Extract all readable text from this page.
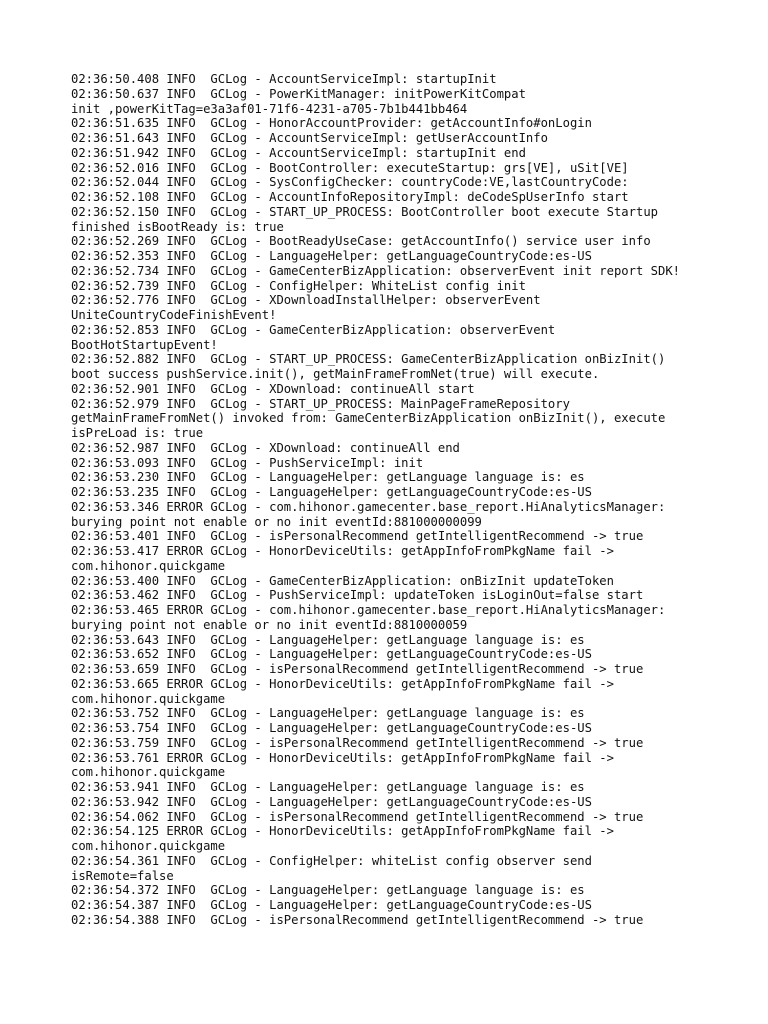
02:36:50.408 INFO  GCLog - AccountServiceImpl: startupInit
02:36:50.637 INFO  GCLog - PowerKitManager: initPowerKitCompat
init ,powerKitTag=e3a3af01-71f6-4231-a705-7b1b441bb464
02:36:51.635 INFO  GCLog - HonorAccountProvider: getAccountInfo#onLogin
02:36:51.643 INFO  GCLog - AccountServiceImpl: getUserAccountInfo
02:36:51.942 INFO  GCLog - AccountServiceImpl: startupInit end
02:36:52.016 INFO  GCLog - BootController: executeStartup: grs[VE], uSit[VE]
02:36:52.044 INFO  GCLog - SysConfigChecker: countryCode:VE,lastCountryCode:
02:36:52.108 INFO  GCLog - AccountInfoRepositoryImpl: deCodeSpUserInfo start
02:36:52.150 INFO  GCLog - START_UP_PROCESS: BootController boot execute Startup
finished isBootReady is: true
02:36:52.269 INFO  GCLog - BootReadyUseCase: getAccountInfo() service user info
02:36:52.353 INFO  GCLog - LanguageHelper: getLanguageCountryCode:es-US
02:36:52.734 INFO  GCLog - GameCenterBizApplication: observerEvent init report SDK!
02:36:52.739 INFO  GCLog - ConfigHelper: WhiteList config init
02:36:52.776 INFO  GCLog - XDownloadInstallHelper: observerEvent
UniteCountryCodeFinishEvent!
02:36:52.853 INFO  GCLog - GameCenterBizApplication: observerEvent
BootHotStartupEvent!
02:36:52.882 INFO  GCLog - START_UP_PROCESS: GameCenterBizApplication onBizInit()
boot success pushService.init(), getMainFrameFromNet(true) will execute.
02:36:52.901 INFO  GCLog - XDownload: continueAll start
02:36:52.979 INFO  GCLog - START_UP_PROCESS: MainPageFrameRepository
getMainFrameFromNet() invoked from: GameCenterBizApplication onBizInit(), execute
isPreLoad is: true
02:36:52.987 INFO  GCLog - XDownload: continueAll end
02:36:53.093 INFO  GCLog - PushServiceImpl: init
02:36:53.230 INFO  GCLog - LanguageHelper: getLanguage language is: es
02:36:53.235 INFO  GCLog - LanguageHelper: getLanguageCountryCode:es-US
02:36:53.346 ERROR GCLog - com.hihonor.gamecenter.base_report.HiAnalyticsManager:
burying point not enable or no init eventId:881000000099
02:36:53.401 INFO  GCLog - isPersonalRecommend getIntelligentRecommend -> true
02:36:53.417 ERROR GCLog - HonorDeviceUtils: getAppInfoFromPkgName fail ->
com.hihonor.quickgame
02:36:53.400 INFO  GCLog - GameCenterBizApplication: onBizInit updateToken
02:36:53.462 INFO  GCLog - PushServiceImpl: updateToken isLoginOut=false start
02:36:53.465 ERROR GCLog - com.hihonor.gamecenter.base_report.HiAnalyticsManager:
burying point not enable or no init eventId:8810000059
02:36:53.643 INFO  GCLog - LanguageHelper: getLanguage language is: es
02:36:53.652 INFO  GCLog - LanguageHelper: getLanguageCountryCode:es-US
02:36:53.659 INFO  GCLog - isPersonalRecommend getIntelligentRecommend -> true
02:36:53.665 ERROR GCLog - HonorDeviceUtils: getAppInfoFromPkgName fail ->
com.hihonor.quickgame
02:36:53.752 INFO  GCLog - LanguageHelper: getLanguage language is: es
02:36:53.754 INFO  GCLog - LanguageHelper: getLanguageCountryCode:es-US
02:36:53.759 INFO  GCLog - isPersonalRecommend getIntelligentRecommend -> true
02:36:53.761 ERROR GCLog - HonorDeviceUtils: getAppInfoFromPkgName fail ->
com.hihonor.quickgame
02:36:53.941 INFO  GCLog - LanguageHelper: getLanguage language is: es
02:36:53.942 INFO  GCLog - LanguageHelper: getLanguageCountryCode:es-US
02:36:54.062 INFO  GCLog - isPersonalRecommend getIntelligentRecommend -> true
02:36:54.125 ERROR GCLog - HonorDeviceUtils: getAppInfoFromPkgName fail ->
com.hihonor.quickgame
02:36:54.361 INFO  GCLog - ConfigHelper: whiteList config observer send
isRemote=false
02:36:54.372 INFO  GCLog - LanguageHelper: getLanguage language is: es
02:36:54.387 INFO  GCLog - LanguageHelper: getLanguageCountryCode:es-US
02:36:54.388 INFO  GCLog - isPersonalRecommend getIntelligentRecommend -> true
